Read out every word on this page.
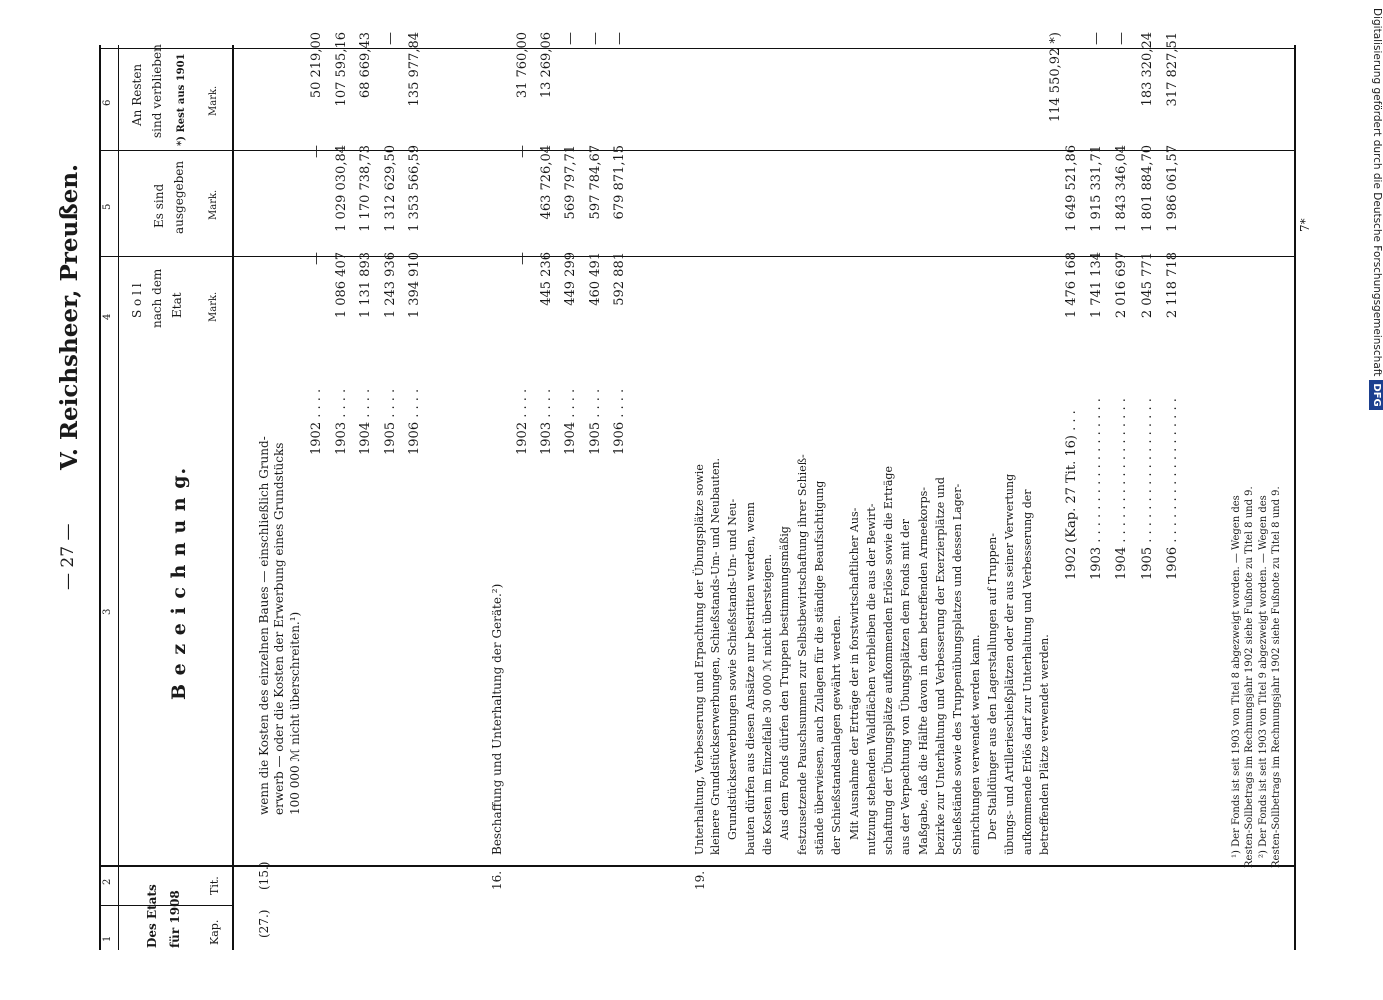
V. Reichsheer, Preußen.
— 27 —
7*
1
2
3
4
5
6
Des Etats für 1908 Kap.
Tit.
B e z e i c h n u n g.
S o l l nach dem Etat Mark.
Es sind ausgegeben Mark.
An Resten sind verblieben *) Rest aus 1901 Mark.
(27.)
(15.)
wenn die Kosten des einzelnen Baues — einschließlich Grund- erwerb — oder die Kosten der Erwerbung eines Grundstücks 100 000 ℳ nicht überschreiten.¹)
1902 . . . . 1903 . . . . 1904 . . . . 1905 . . . . 1906 . . . .
— 1 086 407 1 131 893 1 243 936 1 394 910
— 1 029 030,84 1 170 738,73 1 312 629,50 1 353 566,59
50 219,00 107 595,16 68 669,43 — 135 977,84
16.
Beschaffung und Unterhaltung der Geräte.²)
1902 . . . . 1903 . . . . 1904 . . . . 1905 . . . . 1906 . . . .
— 445 236 449 299 460 491 592 881
— 463 726,04 569 797,71 597 784,67 679 871,15
31 760,00 13 269,06 — — —
19.
Unterhaltung, Verbesserung und Erpachtung der Übungsplätze sowie kleinere Grundstückserwerbungen, Schießstands-Um- und Neubauten. Grundstückserwerbungen sowie Schießstands-Um- und Neu- bauten dürfen aus diesen Ansätze nur bestritten werden, wenn die Kosten im Einzelfalle 30 000 ℳ nicht übersteigen. Aus dem Fonds dürfen den Truppen bestimmungsmäßig festzusetzende Pauschsummen zur Selbstbewirtschaftung ihrer Schieß- stände überwiesen, auch Zulagen für die ständige Beaufsichtigung der Schießstandsanlagen gewährt werden. Mit Ausnahme der Erträge der in forstwirtschaftlicher Aus- nutzung stehenden Waldflächen verbleiben die aus der Bewirt- schaftung der Übungsplätze aufkommenden Erlöse sowie die Erträge aus der Verpachtung von Übungsplätzen dem Fonds mit der Maßgabe, daß die Hälfte davon in dem betreffenden Armeekorps- bezirke zur Unterhaltung und Verbesserung der Exerzierplätze und Schießstände sowie des Truppenübungsplatzes und dessen Lager- einrichtungen verwendet werden kann. Der Stalldünger aus den Lagerstallungen auf Truppen- übungs- und Artillerieschießplätzen oder der aus seiner Verwertung aufkommende Erlös darf zur Unterhaltung und Verbesserung der betreffenden Plätze verwendet werden.
1902 (Kap. 27 Tit. 16) . . . 1903 . . . . . . . . . . . . . . . . . . 1904 . . . . . . . . . . . . . . . . . . 1905 . . . . . . . . . . . . . . . . . . 1906 . . . . . . . . . . . . . . . . . .
1 476 168 1 741 134 2 016 697 2 045 771 2 118 718
1 649 521,86 1 915 331,71 1 843 346,04 1 801 884,70 1 986 061,57
114 550,92 *) — — 183 320,24 317 827,51
¹) Der Fonds ist seit 1903 von Titel 8 abgezweigt worden. — Wegen des Resten-Sollbetrags im Rechnungsjahr 1902 siehe Fußnote zu Titel 8 und 9. ²) Der Fonds ist seit 1903 von Titel 9 abgezweigt worden. — Wegen des Resten-Sollbetrags im Rechnungsjahr 1902 siehe Fußnote zu Titel 8 und 9.
Digitalisierung gefördert durch die Deutsche ForschungsgemeinschaftDFG
